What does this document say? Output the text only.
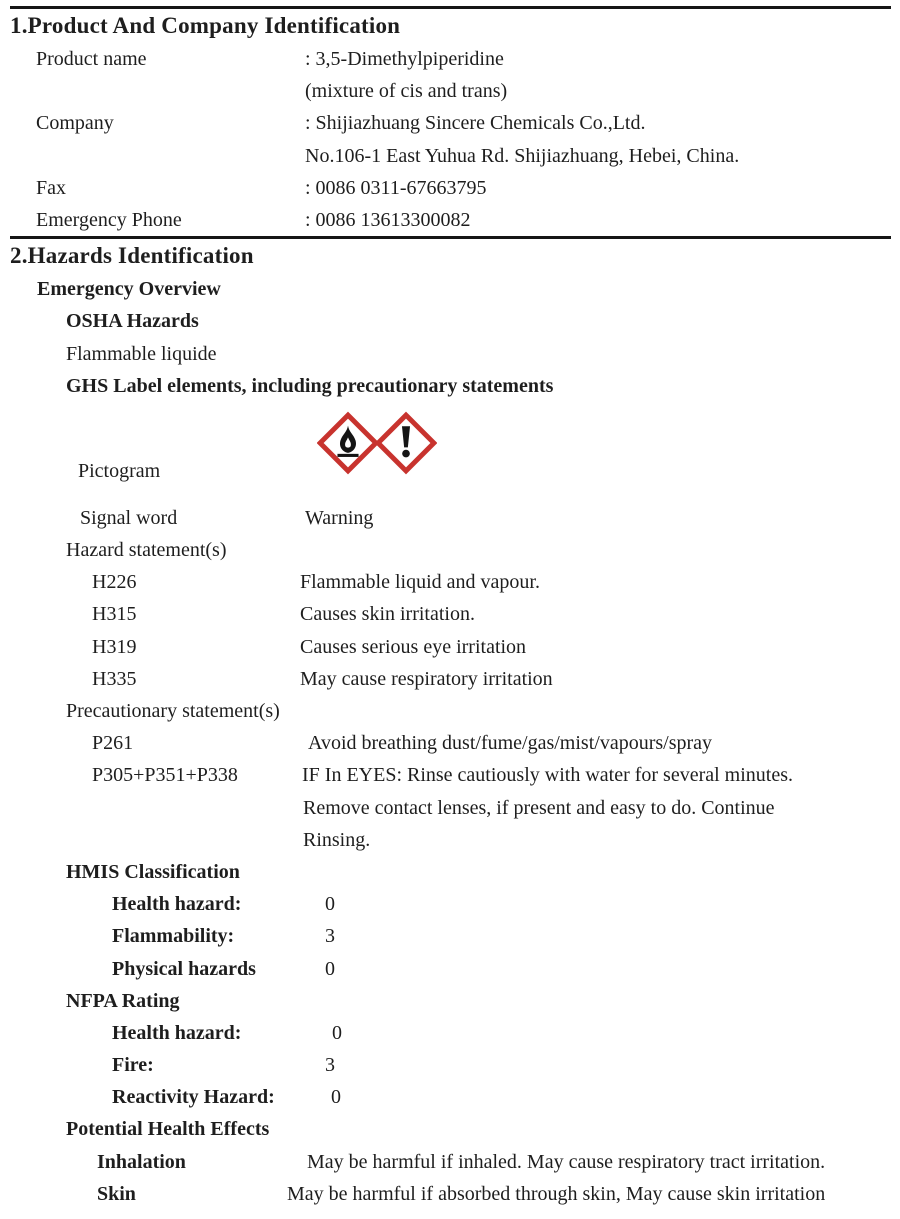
1.Product And Company Identification
Product name	: 3,5-Dimethylpiperidine
(mixture of cis and trans)
Company	: Shijiazhuang Sincere Chemicals Co.,Ltd.
No.106-1 East Yuhua Rd. Shijiazhuang, Hebei, China.
Fax	: 0086 0311-67663795
Emergency Phone	: 0086 13613300082
2.Hazards Identification
Emergency Overview
OSHA Hazards
Flammable liquide
GHS Label elements, including precautionary statements
Pictogram
Signal word	Warning
Hazard statement(s)
H226	Flammable liquid and vapour.
H315	Causes skin irritation.
H319	Causes serious eye irritation
H335	May cause respiratory irritation
Precautionary statement(s)
P261	Avoid breathing dust/fume/gas/mist/vapours/spray
P305+P351+P338	IF In EYES: Rinse cautiously with water for several minutes.
Remove contact lenses, if present and easy to do. Continue
Rinsing.
HMIS Classification
Health hazard:	0
Flammability:	3
Physical hazards	0
NFPA Rating
Health hazard:	0
Fire:	3
Reactivity Hazard:	0
Potential Health Effects
Inhalation	May be harmful if inhaled. May cause respiratory tract irritation.
Skin	May be harmful if absorbed through skin, May cause skin irritation
